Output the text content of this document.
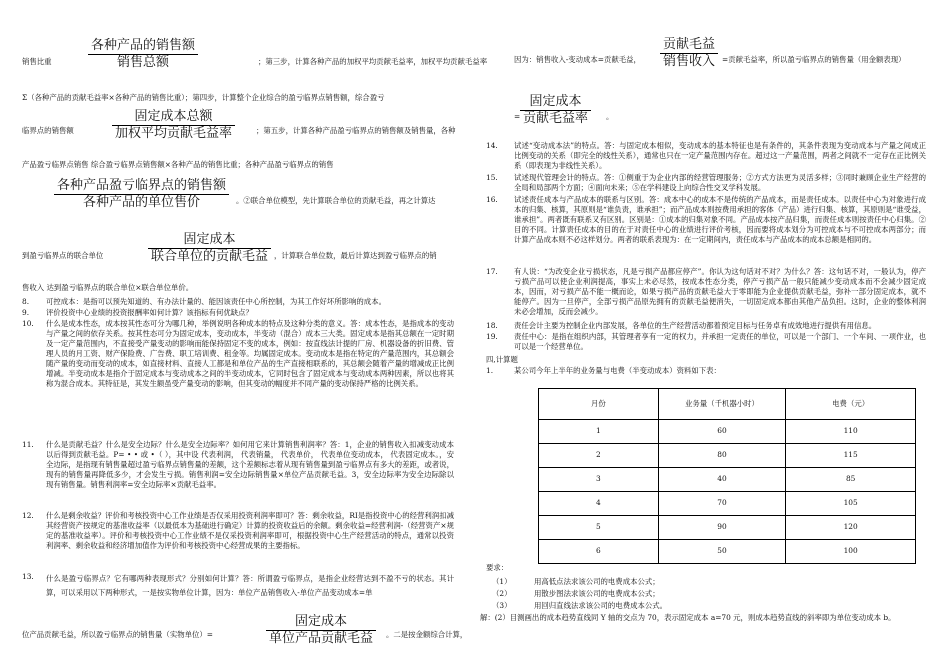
销售比重
各种产品的销售额
销售总额	；第三步，计算各种产品的加权平均贡献毛益率，加权平均贡献毛益率
Σ（各种产品的贡献毛益率×各种产品的销售比重）；第四步，计算整个企业综合的盈亏临界点销售额，综合盈亏
临界点的销售额
固定成本总额
加权平均贡献毛益率	；第五步，计算各种产品盈亏临界点的销售额及销售量，各种
产品盈亏临界点销售 综合盈亏临界点销售额×各种产品的销售比重；各种产品盈亏临界点的销售
各种产品盈亏临界点的销售额
各种产品的单位售价	。②联合单位模型，先计算联合单位的贡献毛益，再之计算达
到盈亏临界点的联合单位
固定成本
联合单位的贡献毛益 ，计算联合单位数，最后计算达到盈亏临界点的销
售收入 达到盈亏临界点的联合单位×联合单位单价。
8. 可控成本：是指可以预先知道的、有办法计量的、能因该责任中心所控制，为其工作好坏所影响的成本。
9. 评价投资中心业绩的投资报酬率如何计算？该指标有何优缺点？
10. 什么是成本性态，成本按其性态可分为哪几种，举例说明各种成本的特点及这种分类的意义。答：成本性态，是指成本的变动与产量之间的依存关系。按其性态可分为固定成本，变动成本，半变动（混合）成本三大类。固定成本是指其总额在一定时期及一定产量范围内，不直接受产量变动的影响而能保持固定不变的成本，例如：按直线法计提的厂房、机器设备的折旧费、管理人员的月工资、财产保险费、广告费、职工培训费、租金等。均属固定成本。变动成本是指在特定的产量范围内，其总额会随产量的变动而变动的成本，如直接材料、直接人工都是和单位产品的生产直接相联系的，其总额会随着产量的增减成正比例增减。半变动成本是指介于固定成本与变动成本之间的半变动成本，它同时包含了固定成本与变动成本两种因素，所以也将其称为混合成本。其特征是，其发生额虽受产量变动的影响，但其变动的幅度并不同产量的变动保持严格的比例关系。
11. 什么是贡献毛益？什么是安全边际？什么是安全边际率？如何用它来计算销售利润率？答：1，企业的销售收入扣减变动成本以后得到贡献毛益。P= • • 或 •（ ），其中设 代表利润， 代表销量， 代表单价， 代表单位变动成本， 代表固定成本。，安全边际，是指现有销售量超过盈亏临界点销售量的差额，这个差额标志着从现有销售量到盈亏临界点有多大的差距，或者说，现有的销售量再降低多少，才会发生亏损。销售利润=安全边际销售量×单位产品贡献毛益。3，安全边际率为安全边际除以现有销售量。销售利润率=安全边际率×贡献毛益率。
12. 什么是剩余收益？评价和考核投资中心工作业绩是否仅采用投资利润率即可？答：剩余收益，RI是指投资中心的经营利润扣减其经营资产按规定的基准收益率（以最低本为基础进行确定）计算的投资收益后的余额。剩余收益=经营利润-（经营资产×规定的基准收益率）。评价和考核投资中心工作业绩不是仅采投资利润率即可，根据投资中心生产经营活动的特点，通常以投资利润率、剩余收益和经济增加值作为评价和考核投资中心经营成果的主要指标。
13. 什么是盈亏临界点？它有哪两种表现形式？分别如何计算？答：所谓盈亏临界点，是指企业经营达到不盈不亏的状态。其计算，可以采用以下两种形式，一是按实物单位计算，因为：单位产品销售收入-单位产品变动成本=单
位产品贡献毛益，所以盈亏临界点的销售量（实物单位）=
固定成本
单位产品贡献毛益	。二是按金额综合计算，
因为：销售收入-变动成本=贡献毛益，
贡献毛益
销售收入 =贡献毛益率，所以盈亏临界点的销售量（用金额表现）
=
固定成本
贡献毛益率	。
14. 试述“变动成本法”的特点。答：与固定成本相似，变动成本的基本特征也是有条件的，其条件表现为变动成本与产量之间成正比例变动的关系（即完全的线性关系），通常也只在一定产量范围内存在。超过这一产量范围，两者之间就不一定存在正比例关系（即表现为非线性关系）。
15. 试述现代管理会计的特点。答：①侧重于为企业内部的经营管理服务；②方式方法更为灵活多样；③同时兼顾企业生产经营的全局和局部两个方面；④面向未来；⑤在学科建设上向综合性交叉学科发展。
16. 试述责任成本与产品成本的联系与区别。答：成本中心的成本不是传统的产品成本，而是责任成本。以责任中心为对象进行成本的归集、核算，其原则是“谁负责，谁承担”；而产品成本则按费用承担的客体（产品）进行归集、核算，其原则是“谁受益，谁承担”。两者既有联系又有区别。区别是：①成本的归集对象不同。产品成本按产品归集，而责任成本则按责任中心归集。②目的不同。计算责任成本的目的在于对责任中心的业绩进行评价考核，因而要将成本划分为可控成本与不可控成本两部分；而计算产品成本则不必这样划分。两者的联系表现为：在一定期间内，责任成本与产品成本的成本总额是相同的。
17. 有人说：“为改变企业亏损状态，凡是亏损产品都应停产”。你认为这句话对不对？为什么？答：这句话不对，一般认为，停产亏损产品可以使企业利润提高，事实上未必尽然，按成本性态分类，停产亏损产品一般只能减少变动成本而不会减少固定成本，因而，对亏损产品不能一概而论，如果亏损产品的贡献毛益大于零即能为企业提供贡献毛益，弥补一部分固定成本，就不能停产。因为一旦停产，全部亏损产品原先拥有的贡献毛益便消失，一切固定成本都由其他产品负担。这时，企业的整体利润未必会增加，反而会减少。
18. 责任会计主要为控制企业内部发展，各单位的生产经营活动都着预定目标与任务卓有成效地进行提供有用信息。
19. 责任中心：是指在组织内部，其管理者享有一定的权力，并承担一定责任的单位，可以是一个部门、一个车间、一项作业，也可以是一个经营单位。
四,计算题
1.	某公司今年上半年的业务量与电费（半变动成本）资料如下表：
月份	业务量（千机器小时）	电费（元）
1	60	110
2	80	115
3	40	85
4	70	105
5	90	120
6	50	100
要求：
（1）	用高低点法求该公司的电费成本公式；
（2）	用散步图法求该公司的电费成本公式；
（3）	用回归直线法求该公司的电费成本公式。
解：(2）目测画出的成本趋势直线同 Y 轴的交点为 70，表示固定成本 a=70 元，则成本趋势直线的斜率即为单位变动成本 b。
